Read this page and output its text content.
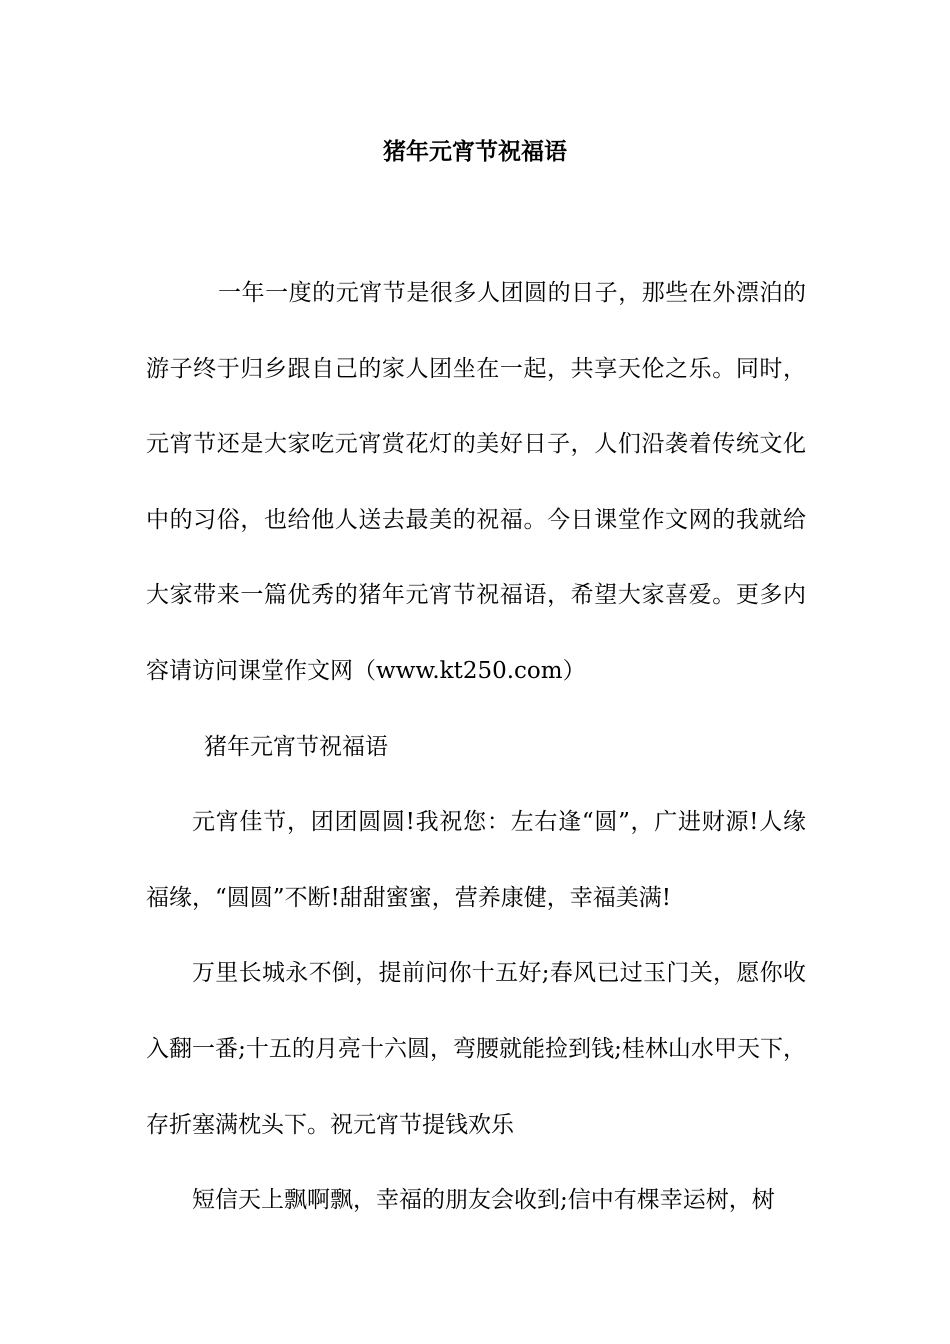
猪年元宵节祝福语

一年一度的元宵节是很多人团圆的日子，那些在外漂泊的游子终于归乡跟自己的家人团坐在一起，共享天伦之乐。同时，元宵节还是大家吃元宵赏花灯的美好日子，人们沿袭着传统文化中的习俗，也给他人送去最美的祝福。今日课堂作文网的我就给大家带来一篇优秀的猪年元宵节祝福语，希望大家喜爱。更多内容请访问课堂作文网（www.kt250.com）

猪年元宵节祝福语

元宵佳节，团团圆圆!我祝您：左右逢“圆”，广进财源!人缘福缘，“圆圆”不断!甜甜蜜蜜，营养康健，幸福美满!

万里长城永不倒，提前问你十五好;春风已过玉门关，愿你收入翻一番;十五的月亮十六圆，弯腰就能捡到钱;桂林山水甲天下，存折塞满枕头下。祝元宵节提钱欢乐

短信天上飘啊飘，幸福的朋友会收到;信中有棵幸运树，树
